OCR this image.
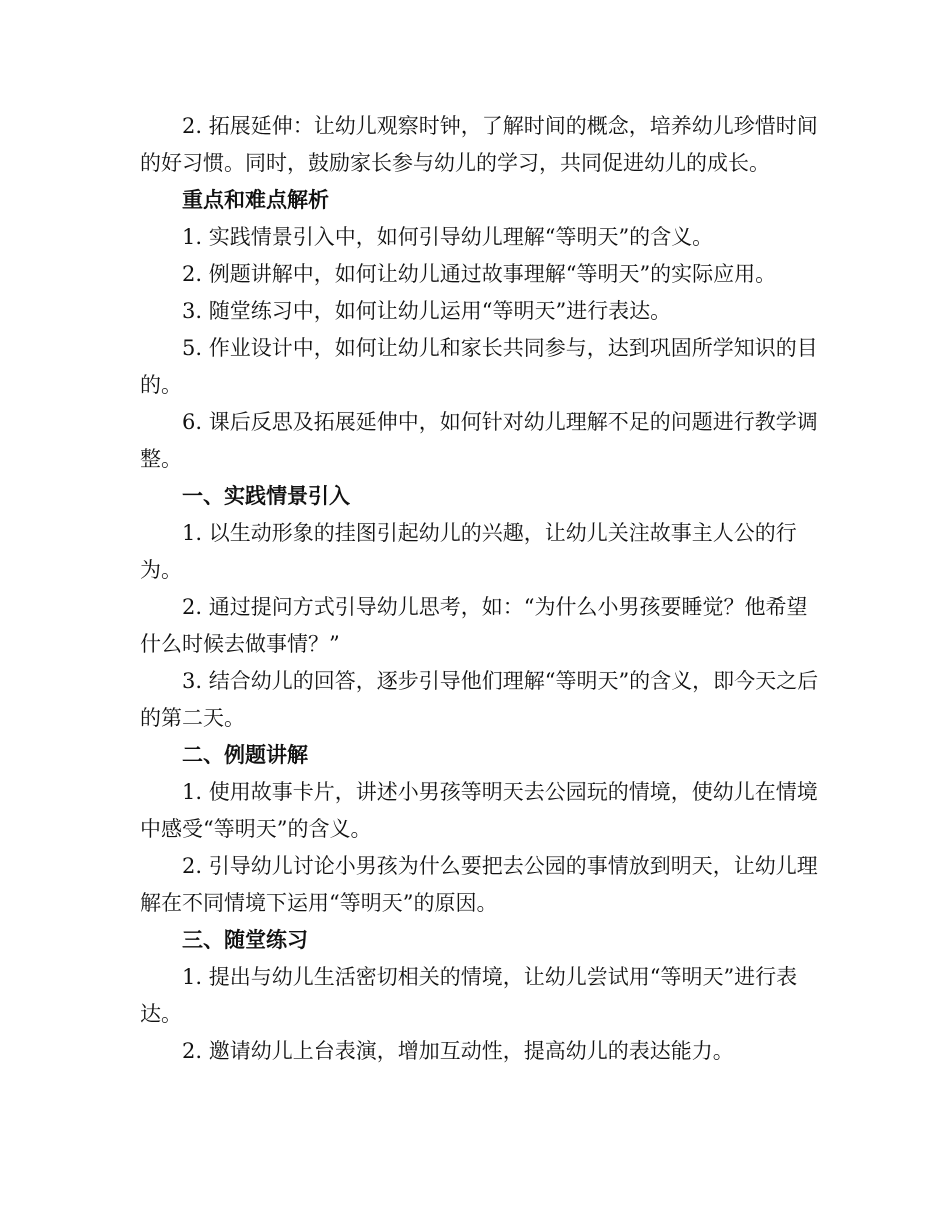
2. 拓展延伸：让幼儿观察时钟，了解时间的概念，培养幼儿珍惜时间的好习惯。同时，鼓励家长参与幼儿的学习，共同促进幼儿的成长。

重点和难点解析

1. 实践情景引入中，如何引导幼儿理解“等明天”的含义。

2. 例题讲解中，如何让幼儿通过故事理解“等明天”的实际应用。

3. 随堂练习中，如何让幼儿运用“等明天”进行表达。

5. 作业设计中，如何让幼儿和家长共同参与，达到巩固所学知识的目的。

6. 课后反思及拓展延伸中，如何针对幼儿理解不足的问题进行教学调整。

一、实践情景引入

1. 以生动形象的挂图引起幼儿的兴趣，让幼儿关注故事主人公的行为。

2. 通过提问方式引导幼儿思考，如：“为什么小男孩要睡觉？他希望什么时候去做事情？”

3. 结合幼儿的回答，逐步引导他们理解“等明天”的含义，即今天之后的第二天。

二、例题讲解

1. 使用故事卡片，讲述小男孩等明天去公园玩的情境，使幼儿在情境中感受“等明天”的含义。

2. 引导幼儿讨论小男孩为什么要把去公园的事情放到明天，让幼儿理解在不同情境下运用“等明天”的原因。

三、随堂练习

1. 提出与幼儿生活密切相关的情境，让幼儿尝试用“等明天”进行表达。

2. 邀请幼儿上台表演，增加互动性，提高幼儿的表达能力。
